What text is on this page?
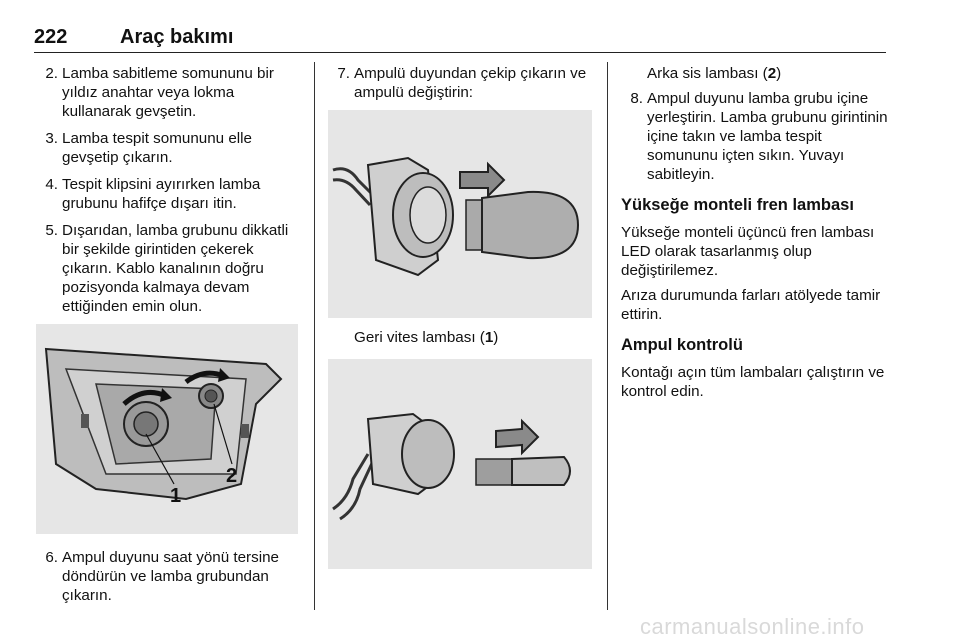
222	Araç bakımı
2. Lamba sabitleme somununu bir yıldız anahtar veya lokma kullanarak gevşetin.
3. Lamba tespit somununu elle gevşetip çıkarın.
4. Tespit klipsini ayırırken lamba grubunu hafifçe dışarı itin.
5. Dışarıdan, lamba grubunu dikkatli bir şekilde girintiden çekerek çıkarın. Kablo kanalının doğru pozisyonda kalmaya devam ettiğinden emin olun.
1
2
6. Ampul duyunu saat yönü tersine döndürün ve lamba grubundan çıkarın.
7. Ampulü duyundan çekip çıkarın ve ampulü değiştirin:
Geri vites lambası (1)
Arka sis lambası (2)
8. Ampul duyunu lamba grubu içine yerleştirin. Lamba grubunu girintinin içine takın ve lamba tespit somununu içten sıkın. Yuvayı sabitleyin.
Yükseğe monteli fren lambası
Yükseğe monteli üçüncü fren lambası LED olarak tasarlanmış olup değiştirilemez.
Arıza durumunda farları atölyede tamir ettirin.
Ampul kontrolü
Kontağı açın tüm lambaları çalıştırın ve kontrol edin.
carmanualsonline.info
